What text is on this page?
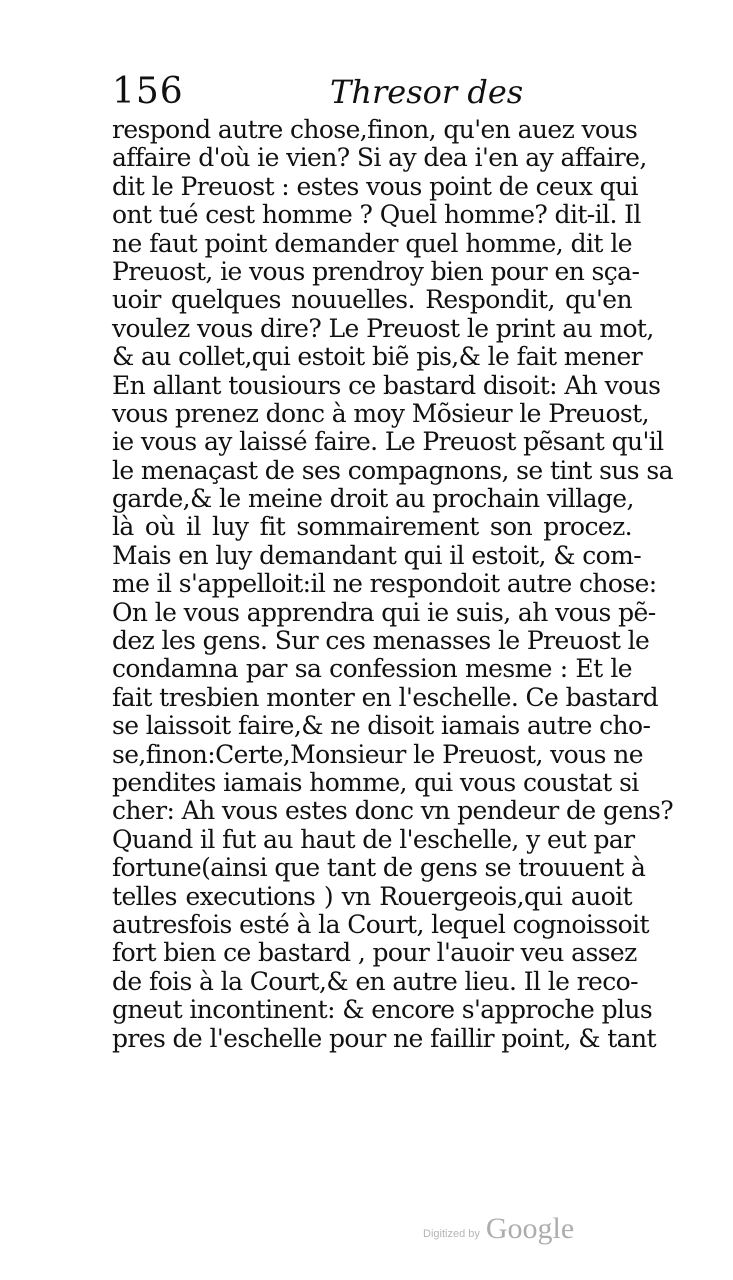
156	Thresor des
respond autre chose,finon, qu'en auez vous
affaire d'où ie vien? Si ay dea i'en ay affaire,
dit le Preuost : estes vous point de ceux qui
ont tué cest homme ? Quel homme? dit-il. Il
ne faut point demander quel homme, dit le
Preuost, ie vous prendroy bien pour en sça-
uoir quelques nouuelles. Respondit, qu'en
voulez vous dire? Le Preuost le print au mot,
& au collet,qui estoit biẽ pis,& le fait mener
En allant tousiours ce bastard disoit: Ah vous
vous prenez donc à moy Mõsieur le Preuost,
ie vous ay laissé faire. Le Preuost pẽsant qu'il
le menaçast de ses compagnons, se tint sus sa
garde,& le meine droit au prochain village,
là où il luy fit sommairement son procez.
Mais en luy demandant qui il estoit, & com-
me il s'appelloit:il ne respondoit autre chose:
On le vous apprendra qui ie suis, ah vous pẽ-
dez les gens. Sur ces menasses le Preuost le
condamna par sa confession mesme : Et le
fait tresbien monter en l'eschelle. Ce bastard
se laissoit faire,& ne disoit iamais autre cho-
se,finon:Certe,Monsieur le Preuost, vous ne
pendites iamais homme, qui vous coustat si
cher: Ah vous estes donc vn pendeur de gens?
Quand il fut au haut de l'eschelle, y eut par
fortune(ainsi que tant de gens se trouuent à
telles executions ) vn Rouergeois,qui auoit
autresfois esté à la Court, lequel cognoissoit
fort bien ce bastard , pour l'auoir veu assez
de fois à la Court,& en autre lieu. Il le reco-
gneut incontinent: & encore s'approche plus
pres de l'eschelle pour ne faillir point, & tant
Digitized by Google
